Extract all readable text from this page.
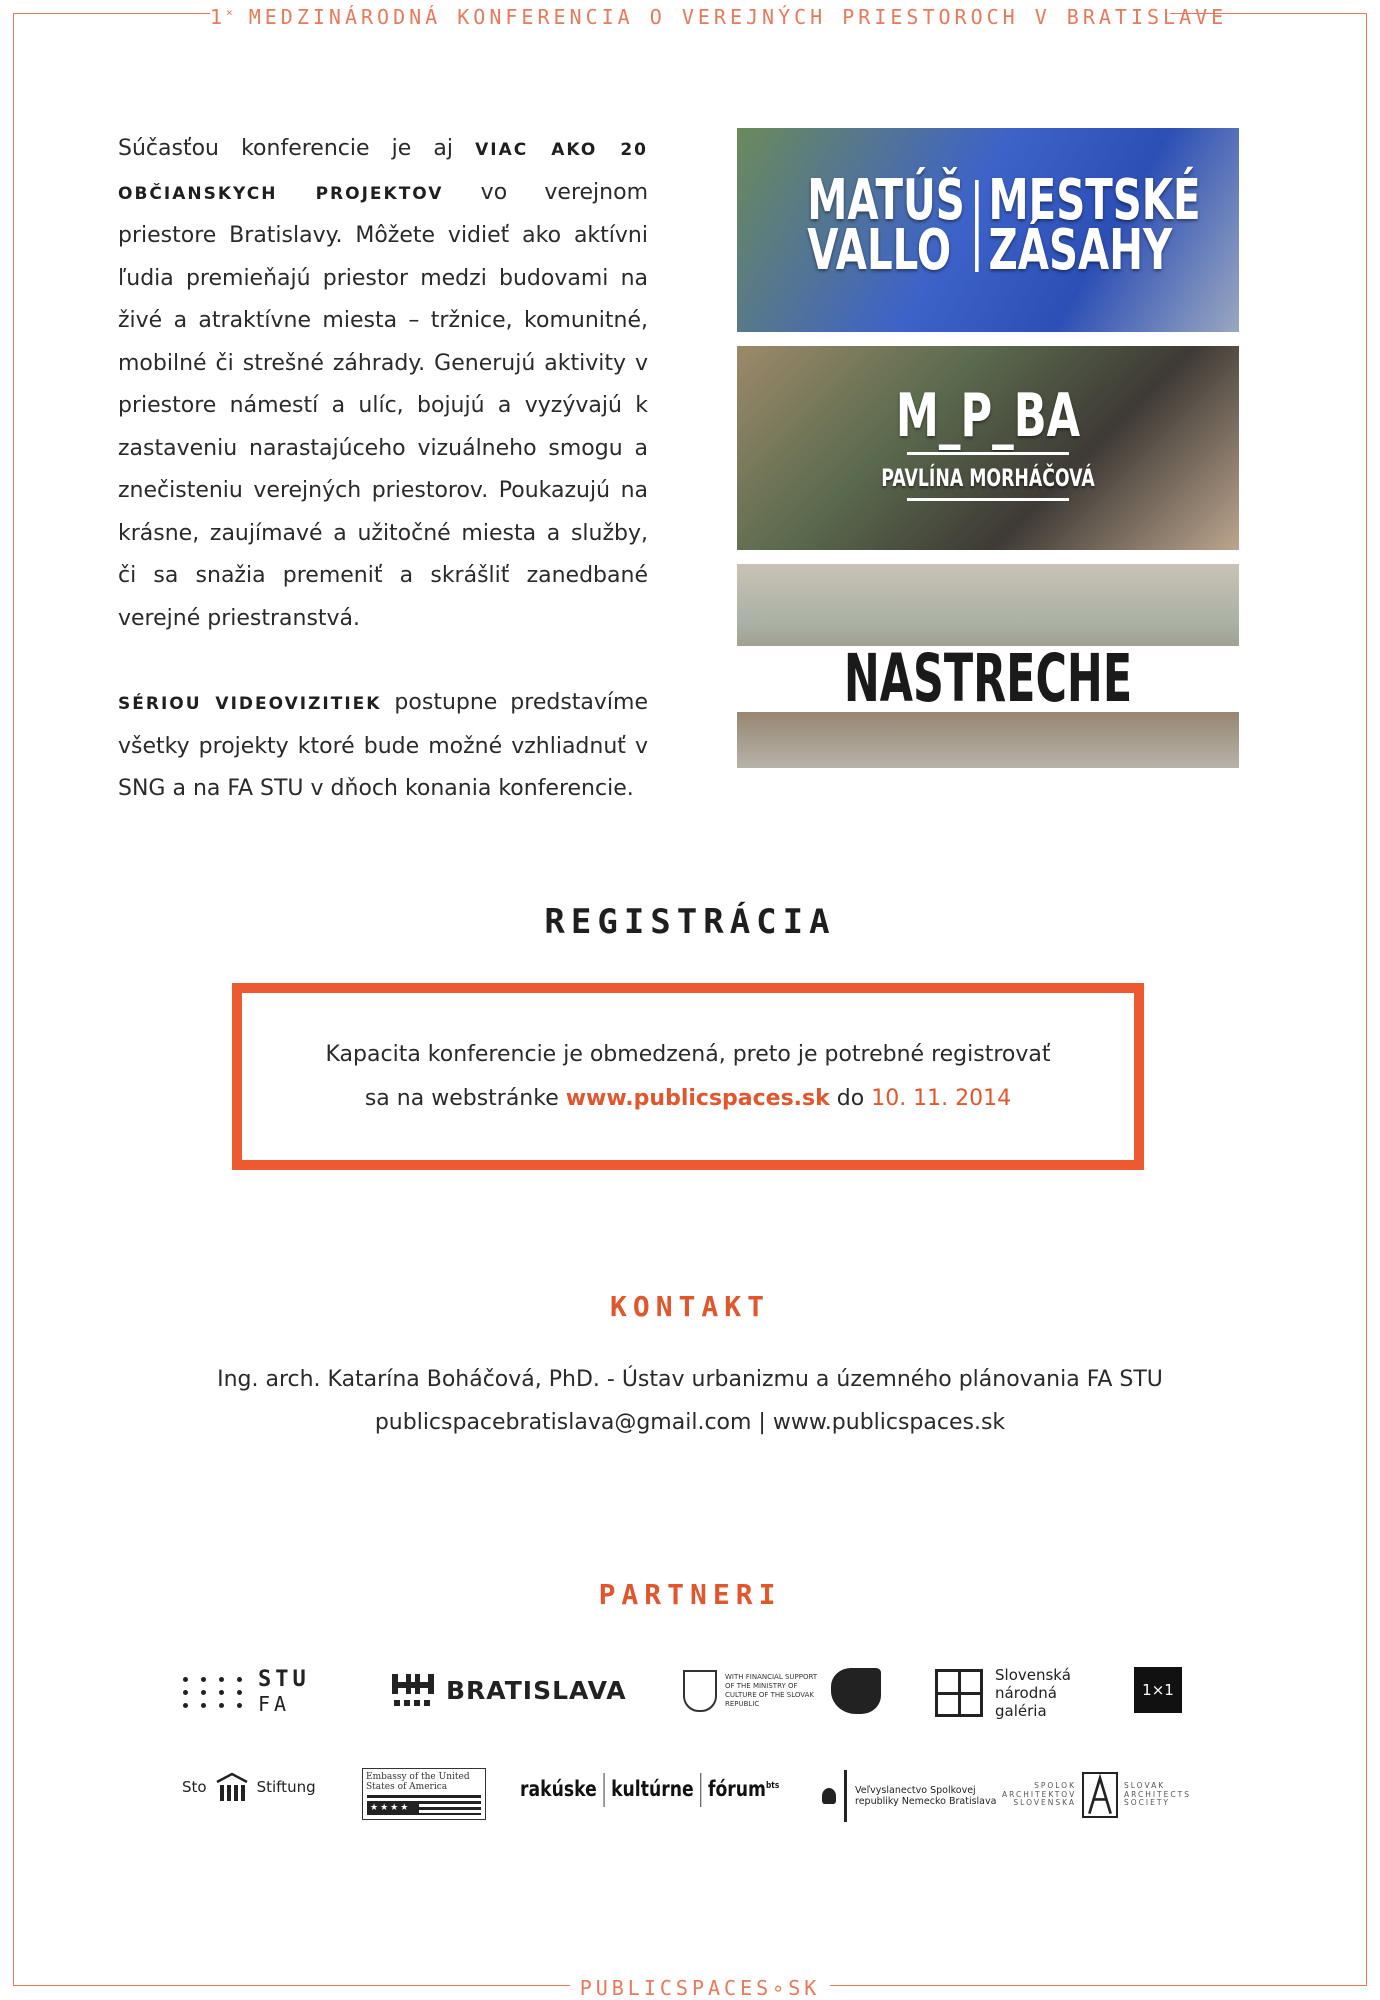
1× MEDZINÁRODNÁ KONFERENCIA O VEREJNÝCH PRIESTOROCH V BRATISLAVE

Súčasťou konferencie je aj VIAC AKO 20 OBČIANSKYCH PROJEKTOV vo verejnom priestore Bratislavy. Môžete vidieť ako aktívni ľudia premieňajú priestor medzi budovami na živé a atraktívne miesta – tržnice, komunitné, mobilné či strešné záhrady. Generujú aktivity v priestore námestí a ulíc, bojujú a vyzývajú k zastaveniu narastajúceho vizuálneho smogu a znečisteniu verejných priestorov. Poukazujú na krásne, zaujímavé a užitočné miesta a služby, či sa snažia premeniť a skrášliť zanedbané verejné priestranstvá.

SÉRIOU VIDEOVIZITIEK postupne predstavíme všetky projekty ktoré bude možné vzhliadnuť v SNG a na FA STU v dňoch konania konferencie.

MATÚŠ
VALLO
MESTSKÉ
ZÁSAHY
M_P_BA
PAVLÍNA MORHÁČOVÁ
NASTRECHE
REGISTRÁCIA
Kapacita konferencie je obmedzená, preto je potrebné registrovať
sa na webstránke www.publicspaces.sk do 10. 11. 2014
KONTAKT
Ing. arch. Katarína Boháčová, PhD. - Ústav urbanizmu a územného plánovania FA STU
publicspacebratislava@gmail.com | www.publicspaces.sk
PARTNERI
STU
FA	BRATISLAVA	WITH FINANCIAL SUPPORT OF THE MINISTRY OF CULTURE OF THE SLOVAK REPUBLIC
Slovenská
národná
galéria
1×1
Sto	Stiftung
Embassy of the United States of America
★★★★
rakúske kultúrne fórum$^{bts}$	Veľvyslanectvo Spolkovej republiky Nemecko Bratislava
SPOLOK ARCHITEKTOV SLOVENSKA
SLOVAK ARCHITECTS SOCIETY
PUBLICSPACES∘SK
